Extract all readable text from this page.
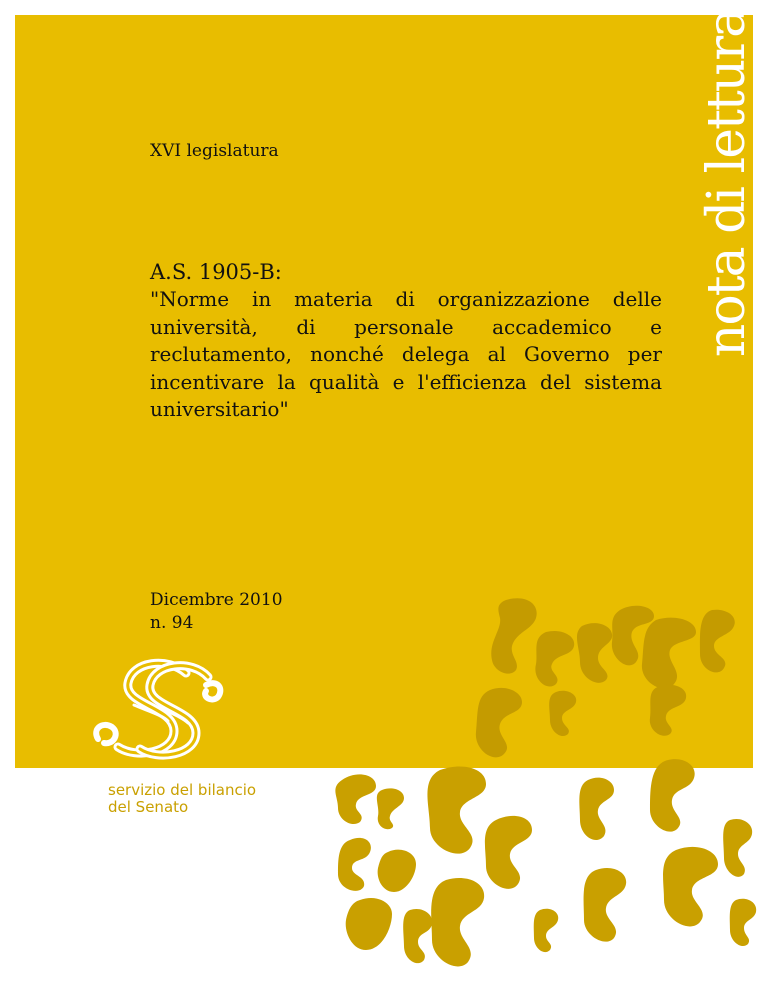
nota di lettura
XVI legislatura
A.S. 1905-B:
"Norme in materia di organizzazione delle università, di personale accademico e reclutamento, nonché delega al Governo per incentivare la qualità e l'efficienza del sistema universitario"
Dicembre 2010
n. 94
servizio del bilancio
del Senato
